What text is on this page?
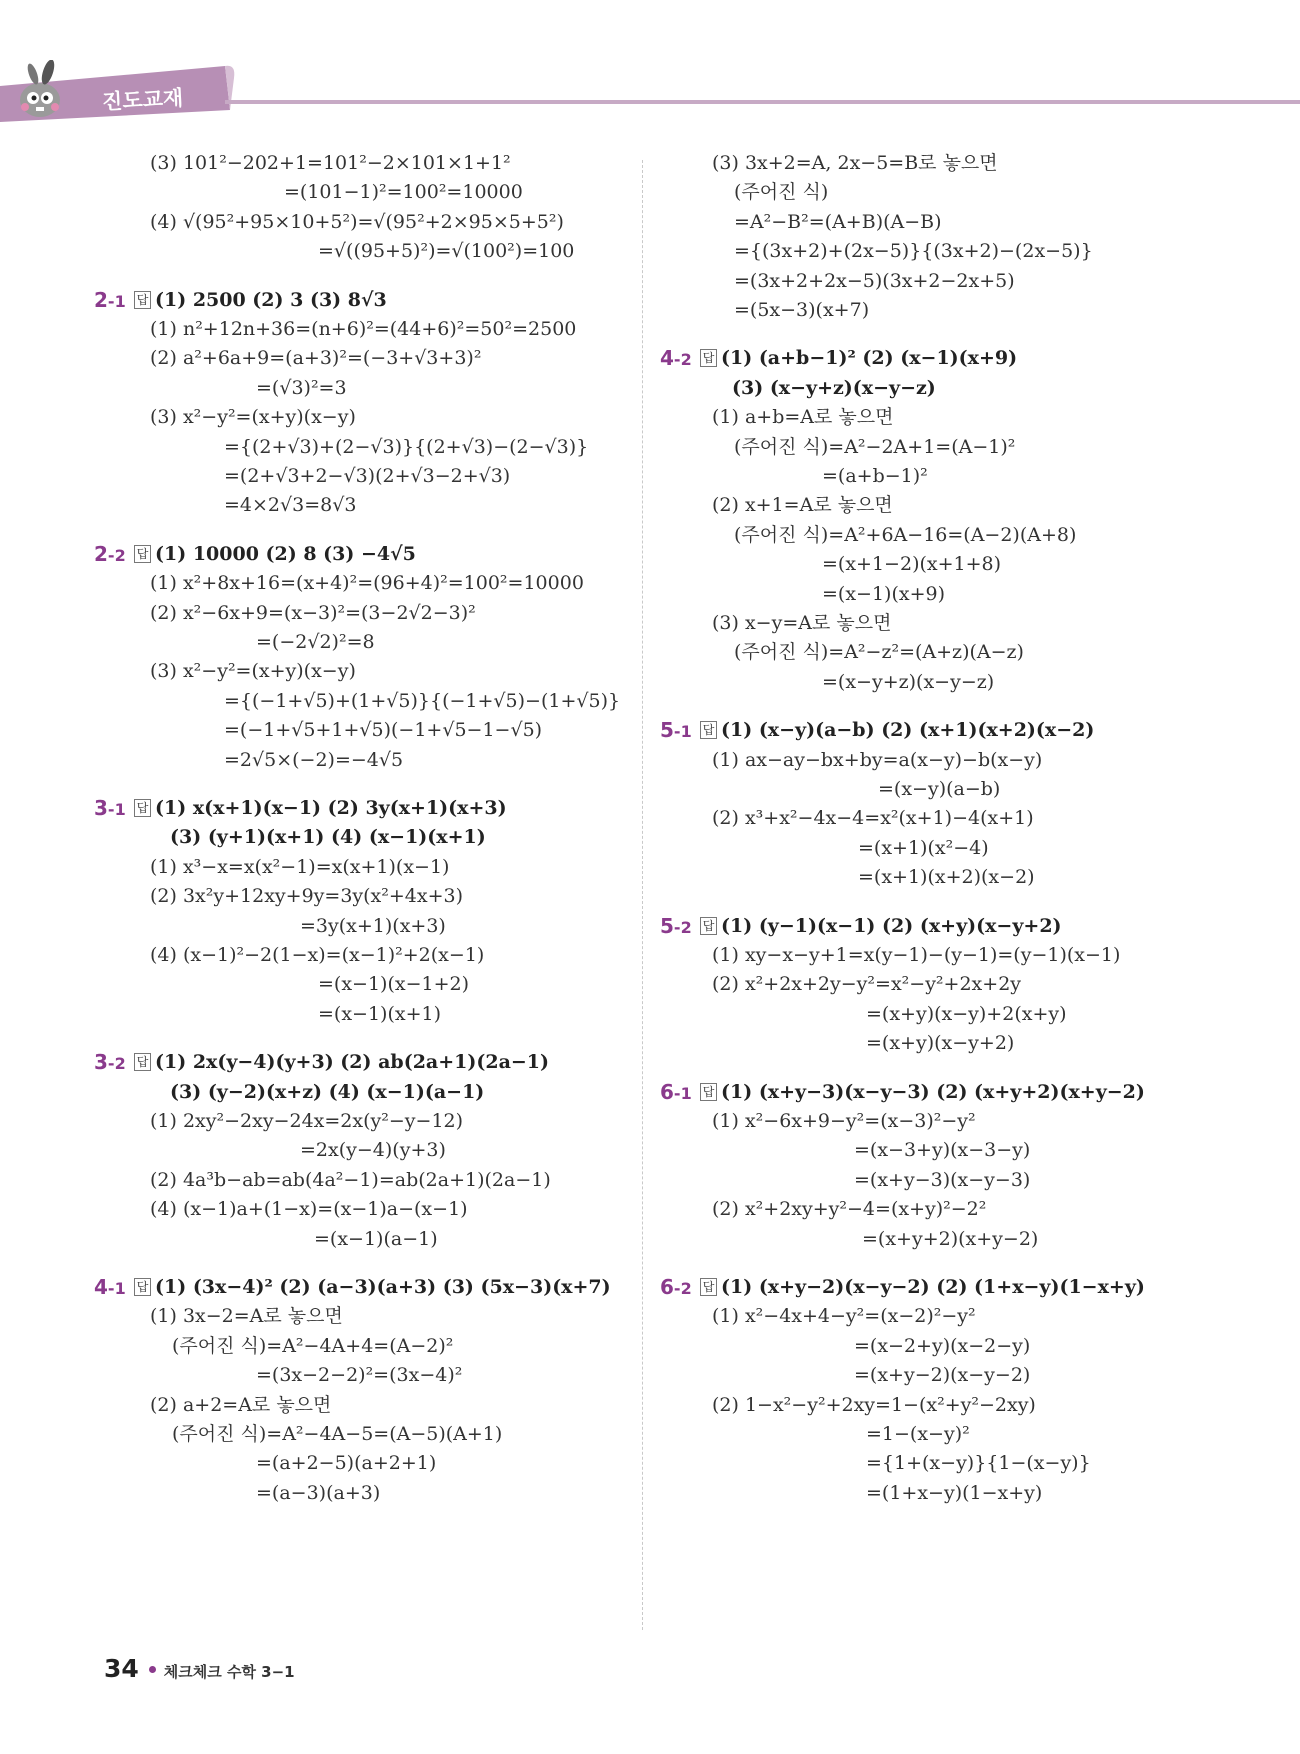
진도교재
(3) 101²−202+1=101²−2×101×1+1²
=(101−1)²=100²=10000
(4) √(95²+95×10+5²)=√(95²+2×95×5+5²)
=√((95+5)²)=√(100²)=100
2-1 답 (1) 2500 (2) 3 (3) 8√3
(1) n²+12n+36=(n+6)²=(44+6)²=50²=2500
(2) a²+6a+9=(a+3)²=(−3+√3+3)²
=(√3)²=3
(3) x²−y²=(x+y)(x−y)
={(2+√3)+(2−√3)}{(2+√3)−(2−√3)}
=(2+√3+2−√3)(2+√3−2+√3)
=4×2√3=8√3
2-2 답 (1) 10000 (2) 8 (3) −4√5
(1) x²+8x+16=(x+4)²=(96+4)²=100²=10000
(2) x²−6x+9=(x−3)²=(3−2√2−3)²
=(−2√2)²=8
(3) x²−y²=(x+y)(x−y)
={(−1+√5)+(1+√5)}{(−1+√5)−(1+√5)}
=(−1+√5+1+√5)(−1+√5−1−√5)
=2√5×(−2)=−4√5
3-1 답 (1) x(x+1)(x−1) (2) 3y(x+1)(x+3)
(3) (y+1)(x+1) (4) (x−1)(x+1)
(1) x³−x=x(x²−1)=x(x+1)(x−1)
(2) 3x²y+12xy+9y=3y(x²+4x+3)
=3y(x+1)(x+3)
(4) (x−1)²−2(1−x)=(x−1)²+2(x−1)
=(x−1)(x−1+2)
=(x−1)(x+1)
3-2 답 (1) 2x(y−4)(y+3) (2) ab(2a+1)(2a−1)
(3) (y−2)(x+z) (4) (x−1)(a−1)
(1) 2xy²−2xy−24x=2x(y²−y−12)
=2x(y−4)(y+3)
(2) 4a³b−ab=ab(4a²−1)=ab(2a+1)(2a−1)
(4) (x−1)a+(1−x)=(x−1)a−(x−1)
=(x−1)(a−1)
4-1 답 (1) (3x−4)² (2) (a−3)(a+3) (3) (5x−3)(x+7)
(1) 3x−2=A로 놓으면
(주어진 식)=A²−4A+4=(A−2)²
=(3x−2−2)²=(3x−4)²
(2) a+2=A로 놓으면
(주어진 식)=A²−4A−5=(A−5)(A+1)
=(a+2−5)(a+2+1)
=(a−3)(a+3)
(3) 3x+2=A, 2x−5=B로 놓으면
(주어진 식)
=A²−B²=(A+B)(A−B)
={(3x+2)+(2x−5)}{(3x+2)−(2x−5)}
=(3x+2+2x−5)(3x+2−2x+5)
=(5x−3)(x+7)
4-2 답 (1) (a+b−1)² (2) (x−1)(x+9)
(3) (x−y+z)(x−y−z)
(1) a+b=A로 놓으면
(주어진 식)=A²−2A+1=(A−1)²
=(a+b−1)²
(2) x+1=A로 놓으면
(주어진 식)=A²+6A−16=(A−2)(A+8)
=(x+1−2)(x+1+8)
=(x−1)(x+9)
(3) x−y=A로 놓으면
(주어진 식)=A²−z²=(A+z)(A−z)
=(x−y+z)(x−y−z)
5-1 답 (1) (x−y)(a−b) (2) (x+1)(x+2)(x−2)
(1) ax−ay−bx+by=a(x−y)−b(x−y)
=(x−y)(a−b)
(2) x³+x²−4x−4=x²(x+1)−4(x+1)
=(x+1)(x²−4)
=(x+1)(x+2)(x−2)
5-2 답 (1) (y−1)(x−1) (2) (x+y)(x−y+2)
(1) xy−x−y+1=x(y−1)−(y−1)=(y−1)(x−1)
(2) x²+2x+2y−y²=x²−y²+2x+2y
=(x+y)(x−y)+2(x+y)
=(x+y)(x−y+2)
6-1 답 (1) (x+y−3)(x−y−3) (2) (x+y+2)(x+y−2)
(1) x²−6x+9−y²=(x−3)²−y²
=(x−3+y)(x−3−y)
=(x+y−3)(x−y−3)
(2) x²+2xy+y²−4=(x+y)²−2²
=(x+y+2)(x+y−2)
6-2 답 (1) (x+y−2)(x−y−2) (2) (1+x−y)(1−x+y)
(1) x²−4x+4−y²=(x−2)²−y²
=(x−2+y)(x−2−y)
=(x+y−2)(x−y−2)
(2) 1−x²−y²+2xy=1−(x²+y²−2xy)
=1−(x−y)²
={1+(x−y)}{1−(x−y)}
=(1+x−y)(1−x+y)
34 체크체크 수학 3−1
